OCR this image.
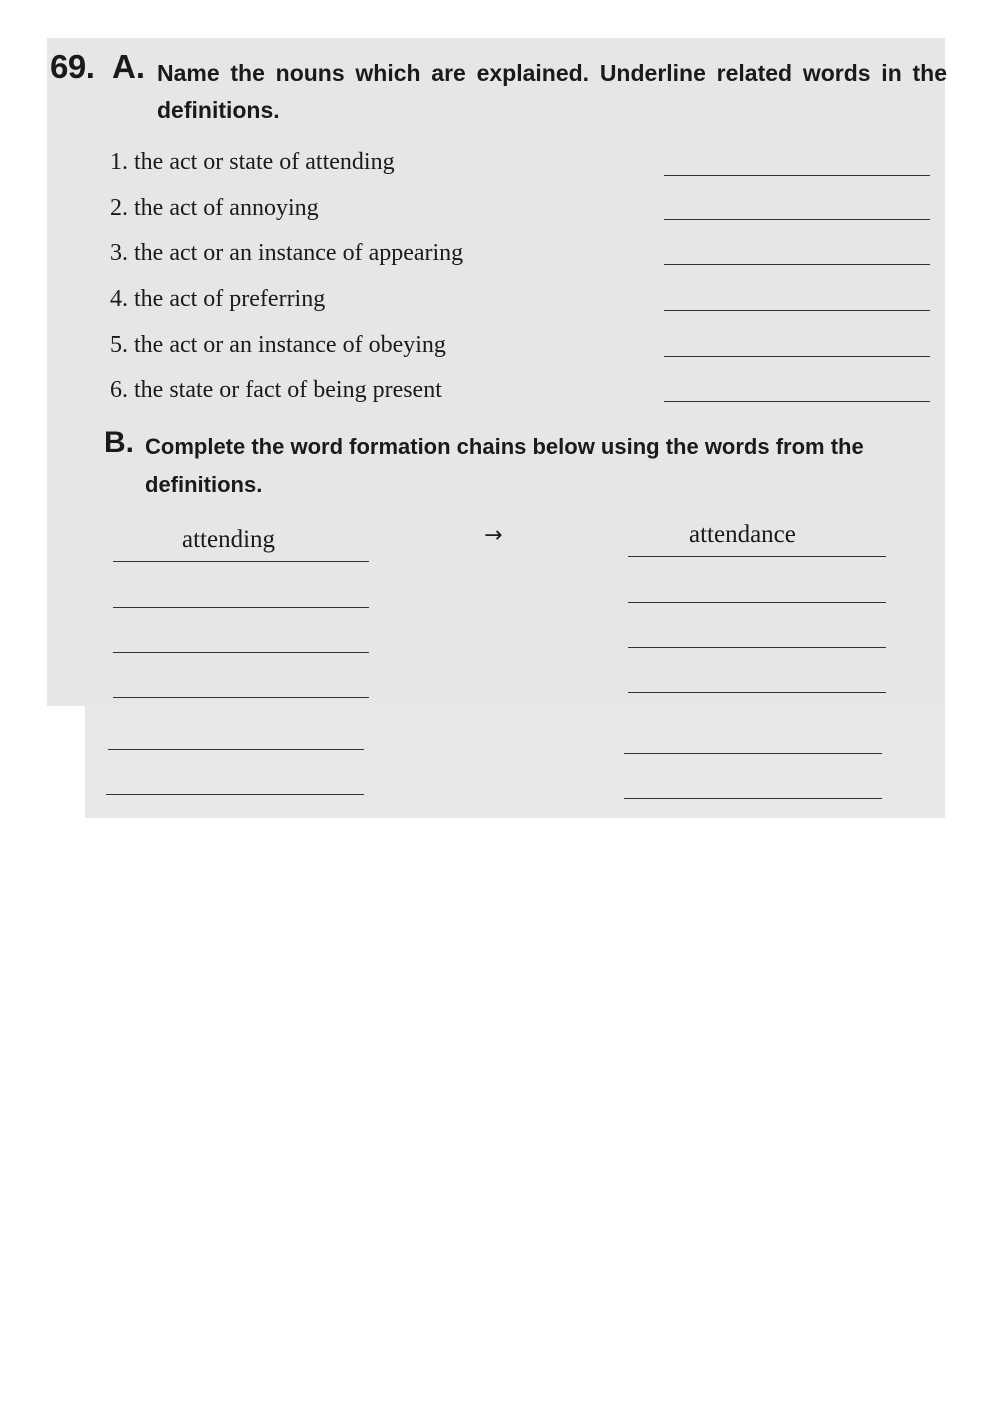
69. A. Name the nouns which are explained. Underline related words in the definitions.
1. the act or state of attending
2. the act of annoying
3. the act or an instance of appearing
4. the act of preferring
5. the act or an instance of obeying
6. the state or fact of being present
B. Complete the word formation chains below using the words from the definitions.
attending	→	attendance
